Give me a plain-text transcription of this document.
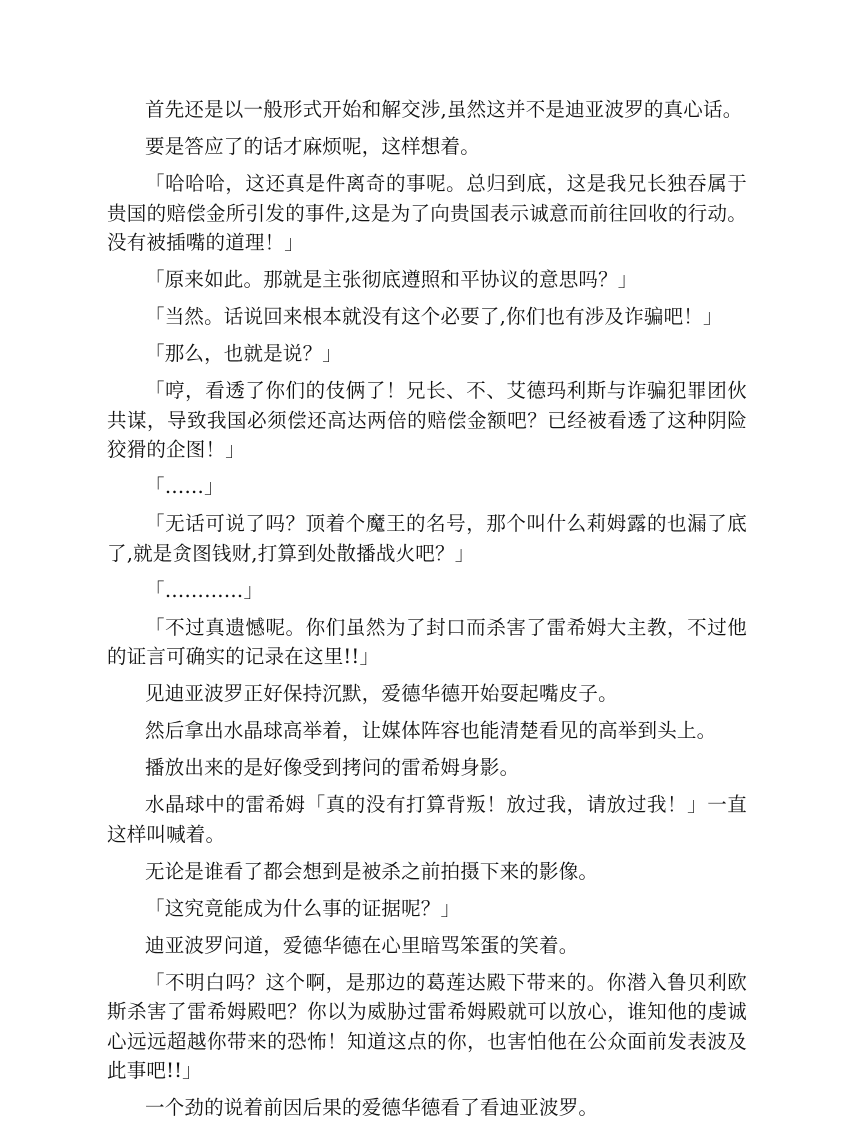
首先还是以一般形式开始和解交涉,虽然这并不是迪亚波罗的真心话。

要是答应了的话才麻烦呢，这样想着。

「哈哈哈，这还真是件离奇的事呢。总归到底，这是我兄长独吞属于贵国的赔偿金所引发的事件,这是为了向贵国表示诚意而前往回收的行动。没有被插嘴的道理！」

「原来如此。那就是主张彻底遵照和平协议的意思吗？」

「当然。话说回来根本就没有这个必要了,你们也有涉及诈骗吧！」

「那么，也就是说？」

「哼，看透了你们的伎俩了！兄长、不、艾德玛利斯与诈骗犯罪团伙共谋，导致我国必须偿还高达两倍的赔偿金额吧？已经被看透了这种阴险狡猾的企图！」

「……」

「无话可说了吗？顶着个魔王的名号，那个叫什么莉姆露的也漏了底了,就是贪图钱财,打算到处散播战火吧？」

「…………」

「不过真遗憾呢。你们虽然为了封口而杀害了雷希姆大主教，不过他的证言可确实的记录在这里!!」

见迪亚波罗正好保持沉默，爱德华德开始耍起嘴皮子。

然后拿出水晶球高举着，让媒体阵容也能清楚看见的高举到头上。

播放出来的是好像受到拷问的雷希姆身影。

水晶球中的雷希姆「真的没有打算背叛！放过我，请放过我！」一直这样叫喊着。

无论是谁看了都会想到是被杀之前拍摄下来的影像。

「这究竟能成为什么事的证据呢？」

迪亚波罗问道，爱德华德在心里暗骂笨蛋的笑着。

「不明白吗？这个啊，是那边的葛莲达殿下带来的。你潜入鲁贝利欧斯杀害了雷希姆殿吧？你以为威胁过雷希姆殿就可以放心，谁知他的虔诚心远远超越你带来的恐怖！知道这点的你，也害怕他在公众面前发表波及此事吧!!」

一个劲的说着前因后果的爱德华德看了看迪亚波罗。
